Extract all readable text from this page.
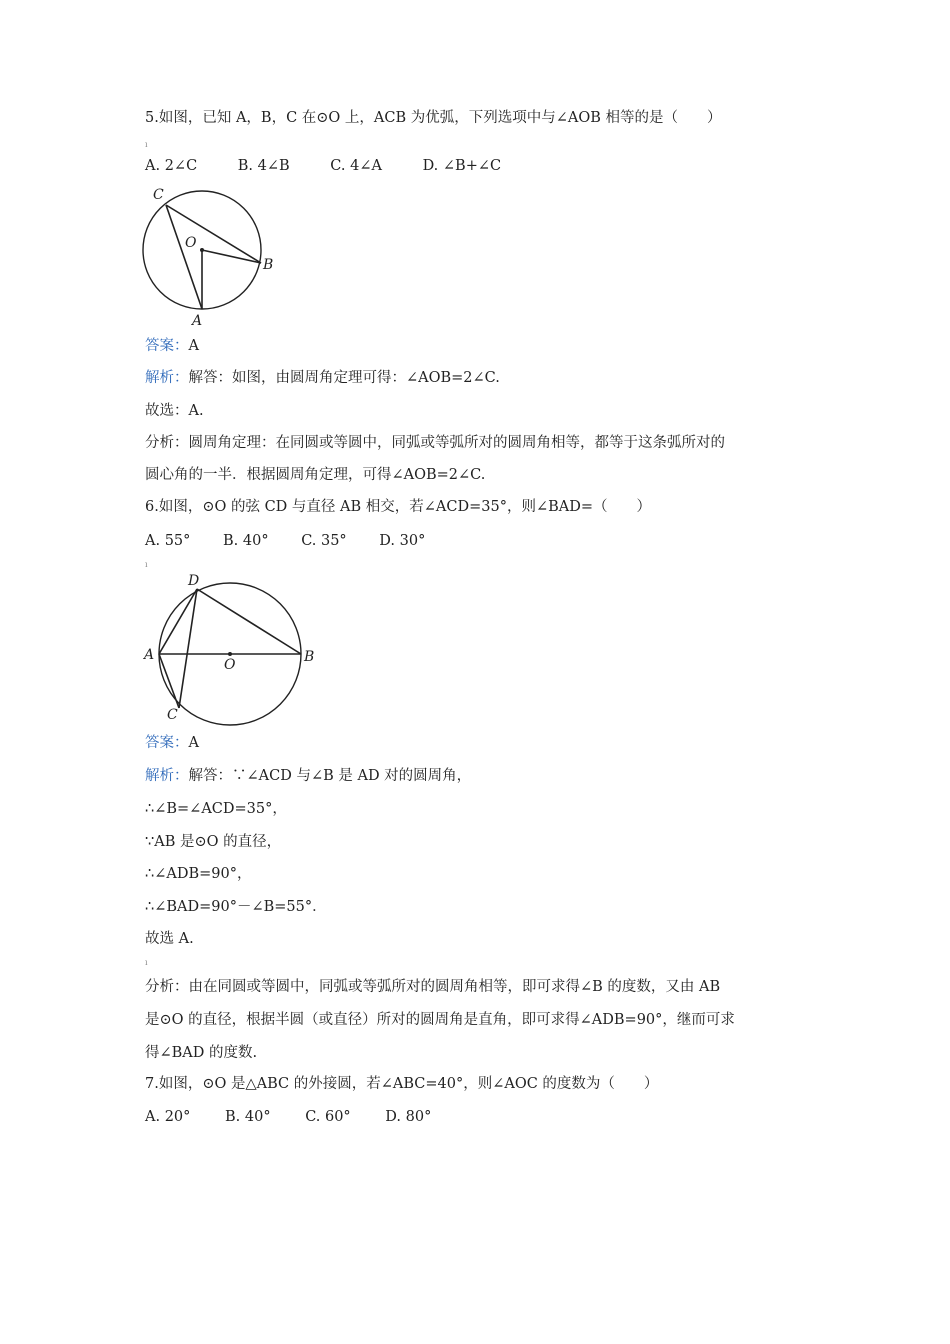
5.如图，已知 A，B，C 在⊙O 上，ACB 为优弧，下列选项中与∠AOB 相等的是（　　）
ı
A. 2∠C	B. 4∠B	C. 4∠A	D. ∠B+∠C
C
O
B
A
答案：A
解析：解答：如图，由圆周角定理可得：∠AOB=2∠C.
故选：A.
分析：圆周角定理：在同圆或等圆中，同弧或等弧所对的圆周角相等，都等于这条弧所对的
圆心角的一半．根据圆周角定理，可得∠AOB=2∠C.
6.如图，⊙O 的弦 CD 与直径 AB 相交，若∠ACD=35°，则∠BAD=（　　）
A. 55° B. 40° C. 35° D. 30°
ı
D
A
O	B
C
答案：A
解析：解答：∵∠ACD 与∠B 是 AD 对的圆周角，
∴∠B=∠ACD=35°，
∵AB 是⊙O 的直径，
∴∠ADB=90°，
∴∠BAD=90°－∠B=55°．
故选 A.
ı
分析：由在同圆或等圆中，同弧或等弧所对的圆周角相等，即可求得∠B 的度数，又由 AB
是⊙O 的直径，根据半圆（或直径）所对的圆周角是直角，即可求得∠ADB=90°，继而可求
得∠BAD 的度数.
7.如图，⊙O 是△ABC 的外接圆，若∠ABC=40°，则∠AOC 的度数为（　　）
A. 20° B. 40° C. 60° D. 80°
